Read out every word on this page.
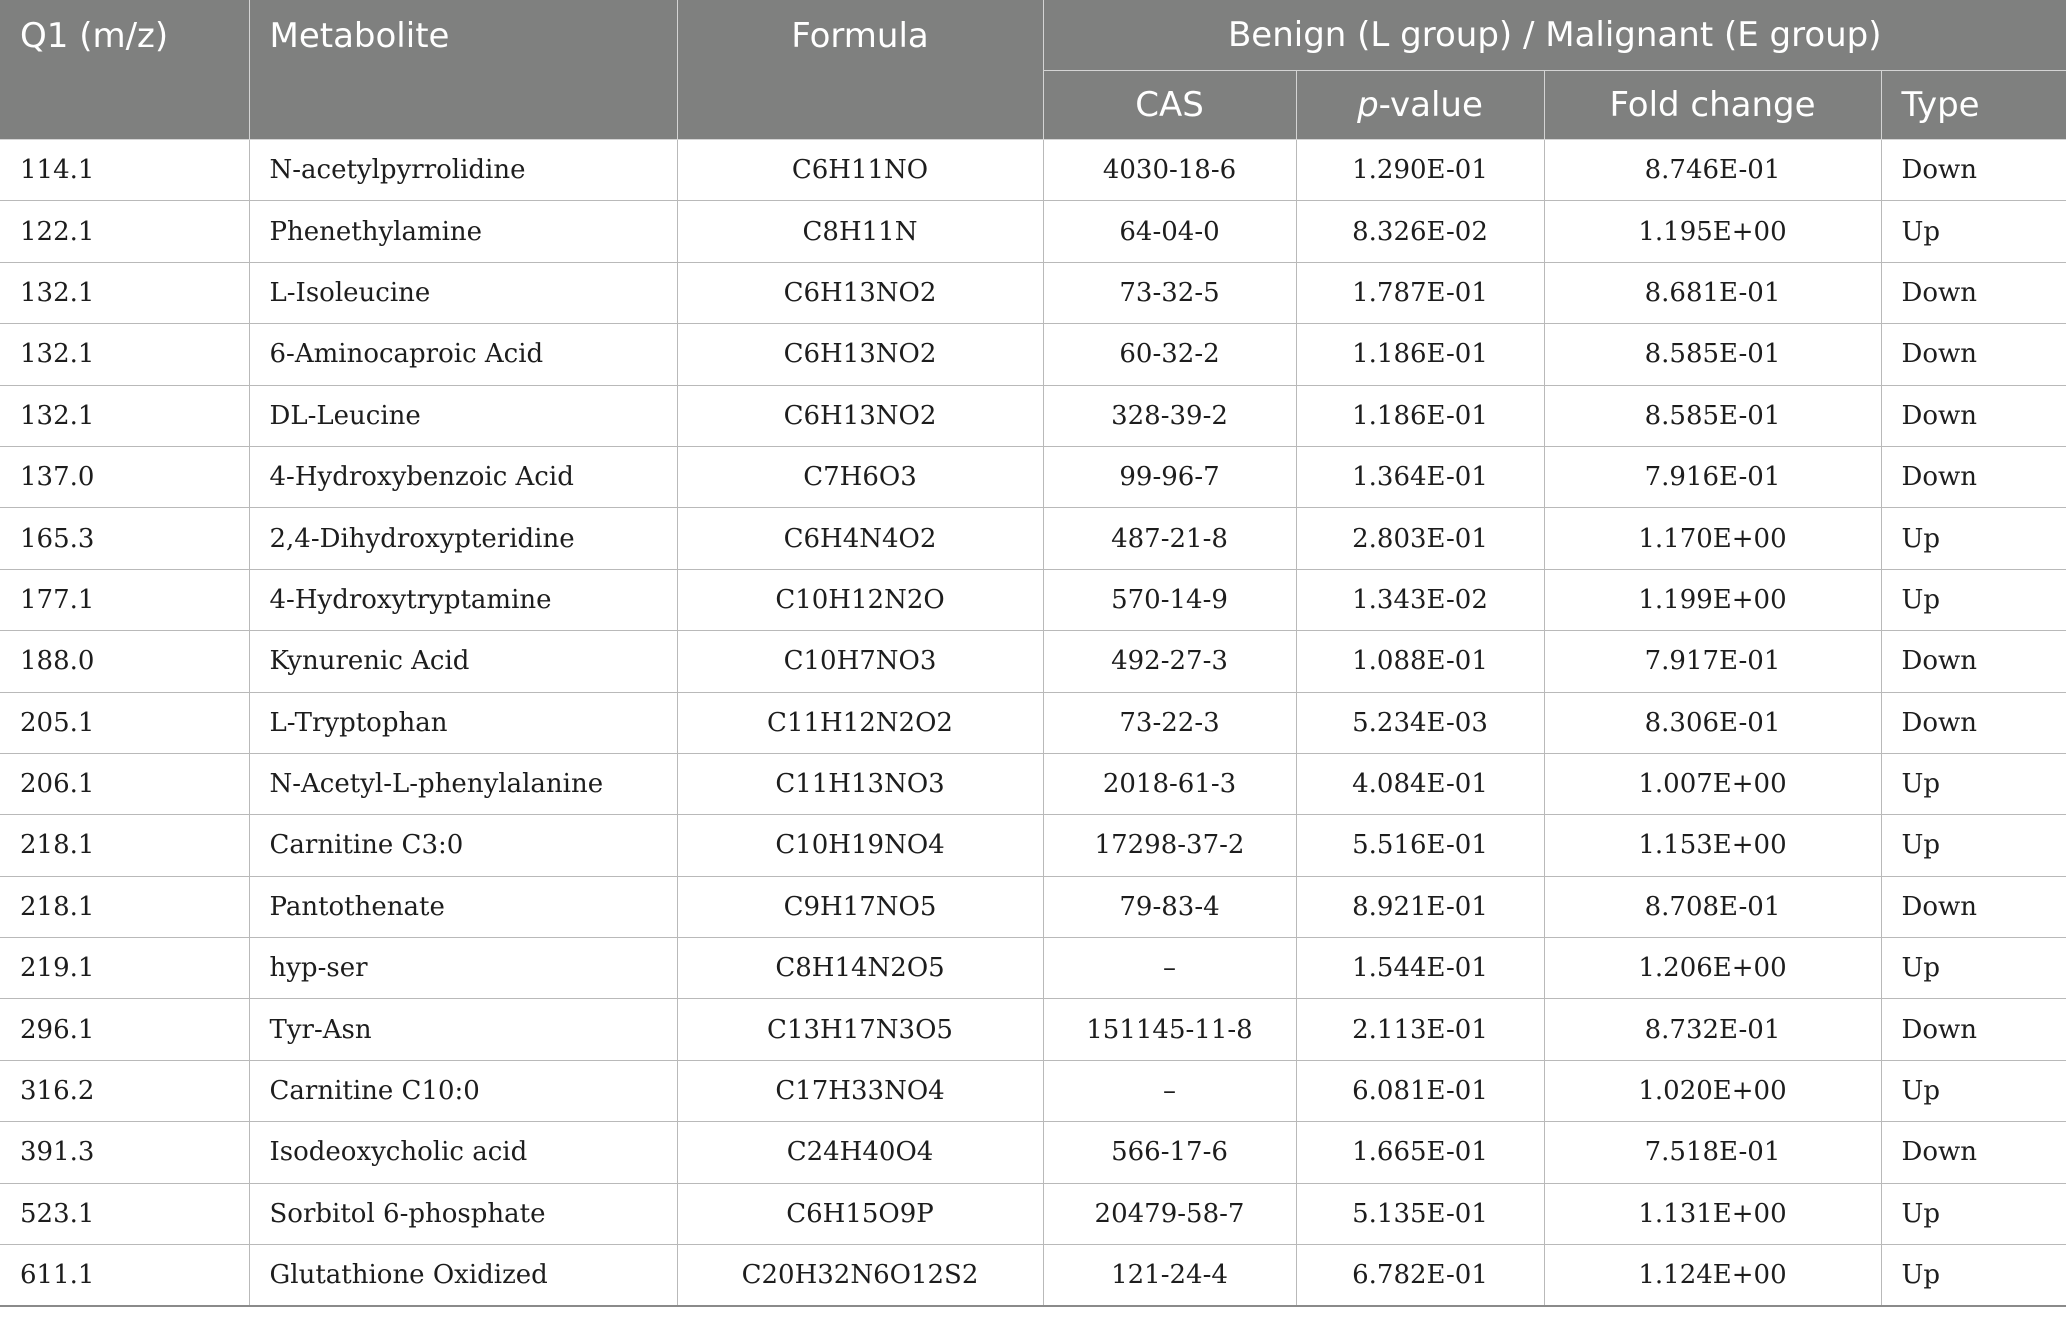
Q1 (m/z)	Metabolite	Formula	Benign (L group) / Malignant (E group)			
			CAS	p-value	Fold change	Type
114.1	N-acetylpyrrolidine	C6H11NO	4030-18-6	1.290E-01	8.746E-01	Down
122.1	Phenethylamine	C8H11N	64-04-0	8.326E-02	1.195E+00	Up
132.1	L-Isoleucine	C6H13NO2	73-32-5	1.787E-01	8.681E-01	Down
132.1	6-Aminocaproic Acid	C6H13NO2	60-32-2	1.186E-01	8.585E-01	Down
132.1	DL-Leucine	C6H13NO2	328-39-2	1.186E-01	8.585E-01	Down
137.0	4-Hydroxybenzoic Acid	C7H6O3	99-96-7	1.364E-01	7.916E-01	Down
165.3	2,4-Dihydroxypteridine	C6H4N4O2	487-21-8	2.803E-01	1.170E+00	Up
177.1	4-Hydroxytryptamine	C10H12N2O	570-14-9	1.343E-02	1.199E+00	Up
188.0	Kynurenic Acid	C10H7NO3	492-27-3	1.088E-01	7.917E-01	Down
205.1	L-Tryptophan	C11H12N2O2	73-22-3	5.234E-03	8.306E-01	Down
206.1	N-Acetyl-L-phenylalanine	C11H13NO3	2018-61-3	4.084E-01	1.007E+00	Up
218.1	Carnitine C3:0	C10H19NO4	17298-37-2	5.516E-01	1.153E+00	Up
218.1	Pantothenate	C9H17NO5	79-83-4	8.921E-01	8.708E-01	Down
219.1	hyp-ser	C8H14N2O5	–	1.544E-01	1.206E+00	Up
296.1	Tyr-Asn	C13H17N3O5	151145-11-8	2.113E-01	8.732E-01	Down
316.2	Carnitine C10:0	C17H33NO4	–	6.081E-01	1.020E+00	Up
391.3	Isodeoxycholic acid	C24H40O4	566-17-6	1.665E-01	7.518E-01	Down
523.1	Sorbitol 6-phosphate	C6H15O9P	20479-58-7	5.135E-01	1.131E+00	Up
611.1	Glutathione Oxidized	C20H32N6O12S2	121-24-4	6.782E-01	1.124E+00	Up
